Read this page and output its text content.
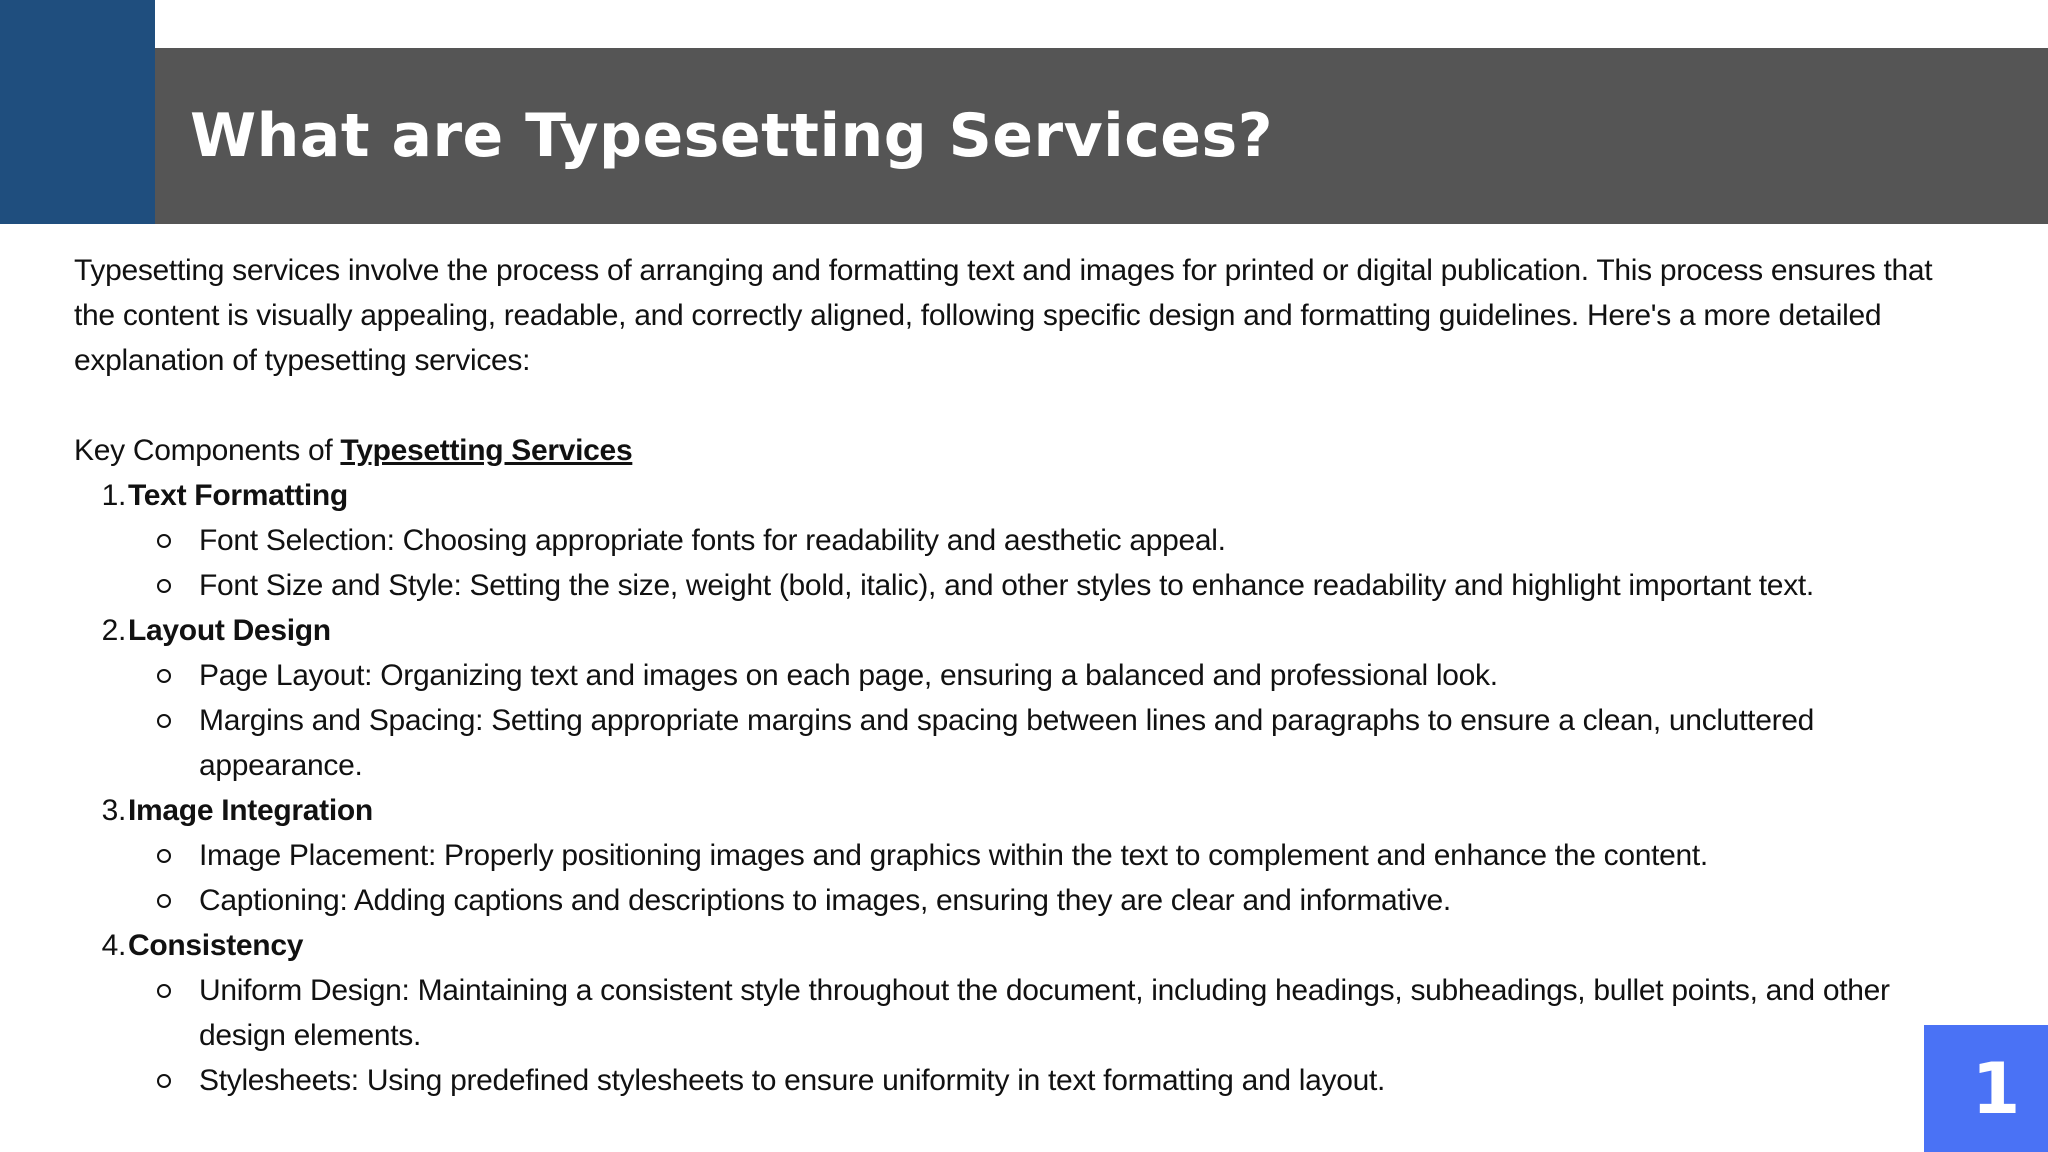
What are Typesetting Services?

Typesetting services involve the process of arranging and formatting text and images for printed or digital publication. This process ensures that the content is visually appealing, readable, and correctly aligned, following specific design and formatting guidelines. Here's a more detailed explanation of typesetting services:

Key Components of Typesetting Services

1. Text Formatting
Font Selection: Choosing appropriate fonts for readability and aesthetic appeal.
Font Size and Style: Setting the size, weight (bold, italic), and other styles to enhance readability and highlight important text.
2. Layout Design
Page Layout: Organizing text and images on each page, ensuring a balanced and professional look.
Margins and Spacing: Setting appropriate margins and spacing between lines and paragraphs to ensure a clean, uncluttered appearance.
3. Image Integration
Image Placement: Properly positioning images and graphics within the text to complement and enhance the content.
Captioning: Adding captions and descriptions to images, ensuring they are clear and informative.
4. Consistency
Uniform Design: Maintaining a consistent style throughout the document, including headings, subheadings, bullet points, and other design elements.
Stylesheets: Using predefined stylesheets to ensure uniformity in text formatting and layout.	1
